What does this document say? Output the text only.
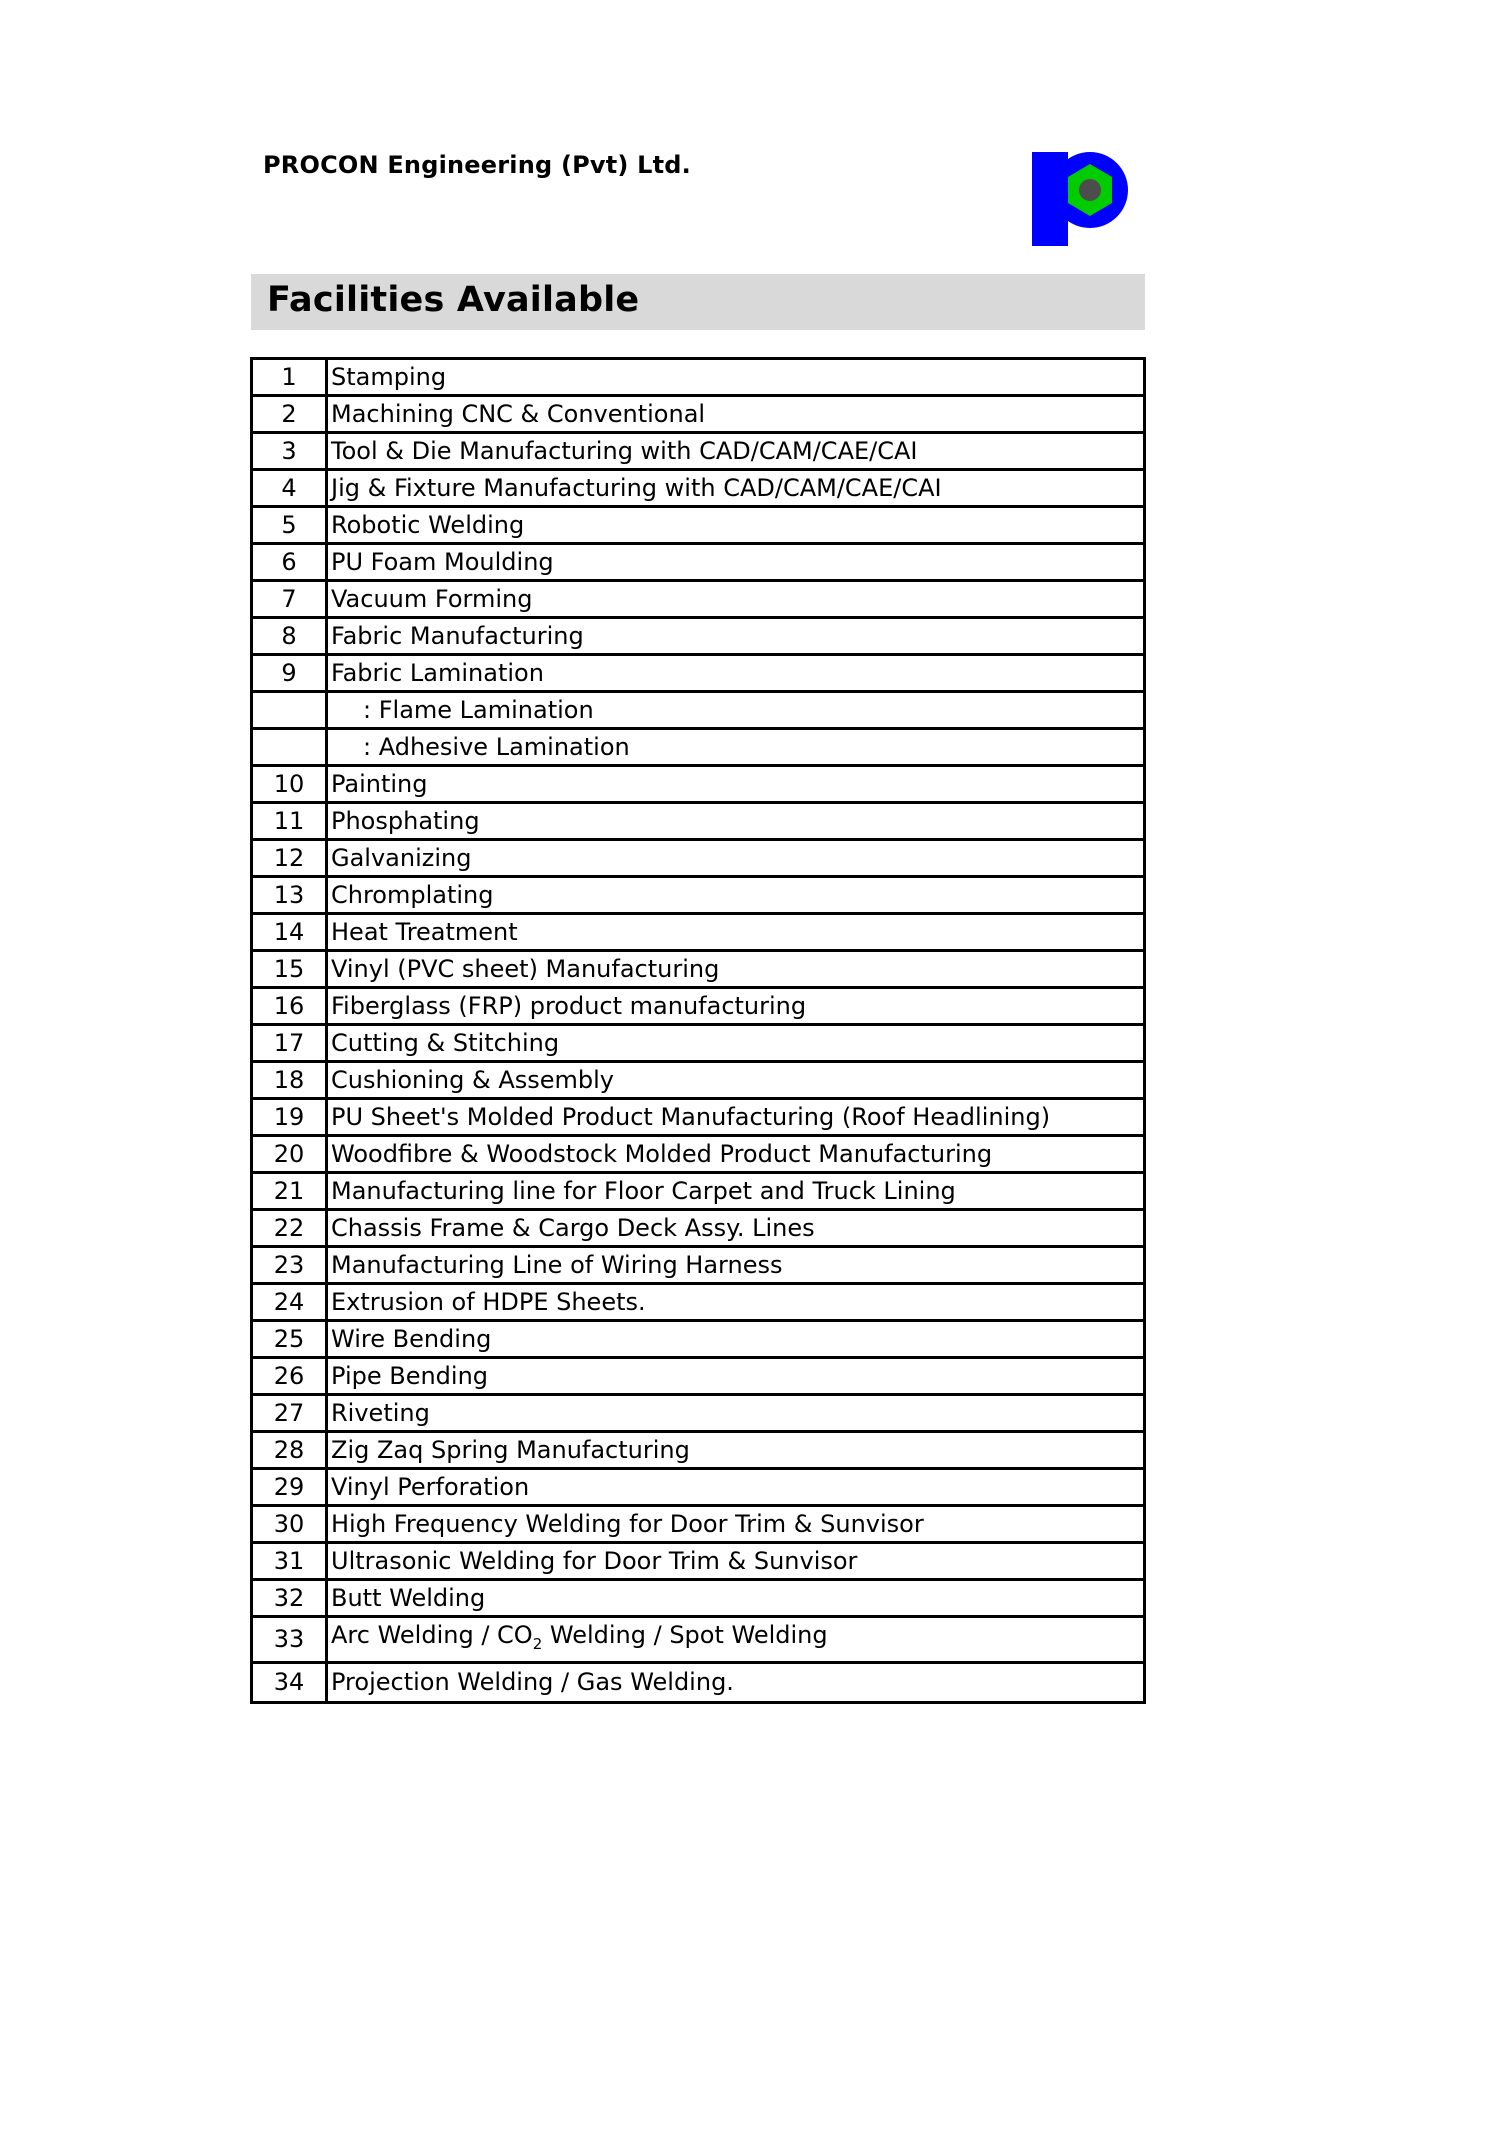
PROCON Engineering (Pvt) Ltd.
Facilities Available
1	Stamping
2	Machining CNC & Conventional
3	Tool & Die Manufacturing with CAD/CAM/CAE/CAI
4	Jig & Fixture Manufacturing with CAD/CAM/CAE/CAI
5	Robotic Welding
6	PU Foam Moulding
7	Vacuum Forming
8	Fabric Manufacturing
9	Fabric Lamination
	: Flame Lamination
	: Adhesive Lamination
10	Painting
11	Phosphating
12	Galvanizing
13	Chromplating
14	Heat Treatment
15	Vinyl (PVC sheet) Manufacturing
16	Fiberglass (FRP) product manufacturing
17	Cutting & Stitching
18	Cushioning & Assembly
19	PU Sheet's Molded Product Manufacturing (Roof Headlining)
20	Woodfibre & Woodstock Molded Product Manufacturing
21	Manufacturing line for Floor Carpet and Truck Lining
22	Chassis Frame & Cargo Deck Assy. Lines
23	Manufacturing Line of Wiring Harness
24	Extrusion of HDPE Sheets.
25	Wire Bending
26	Pipe Bending
27	Riveting
28	Zig Zaq Spring Manufacturing
29	Vinyl Perforation
30	High Frequency Welding for Door Trim & Sunvisor
31	Ultrasonic Welding for Door Trim & Sunvisor
32	Butt Welding
33	Arc Welding / $CO_2$ Welding / Spot Welding
34	Projection Welding / Gas Welding.
